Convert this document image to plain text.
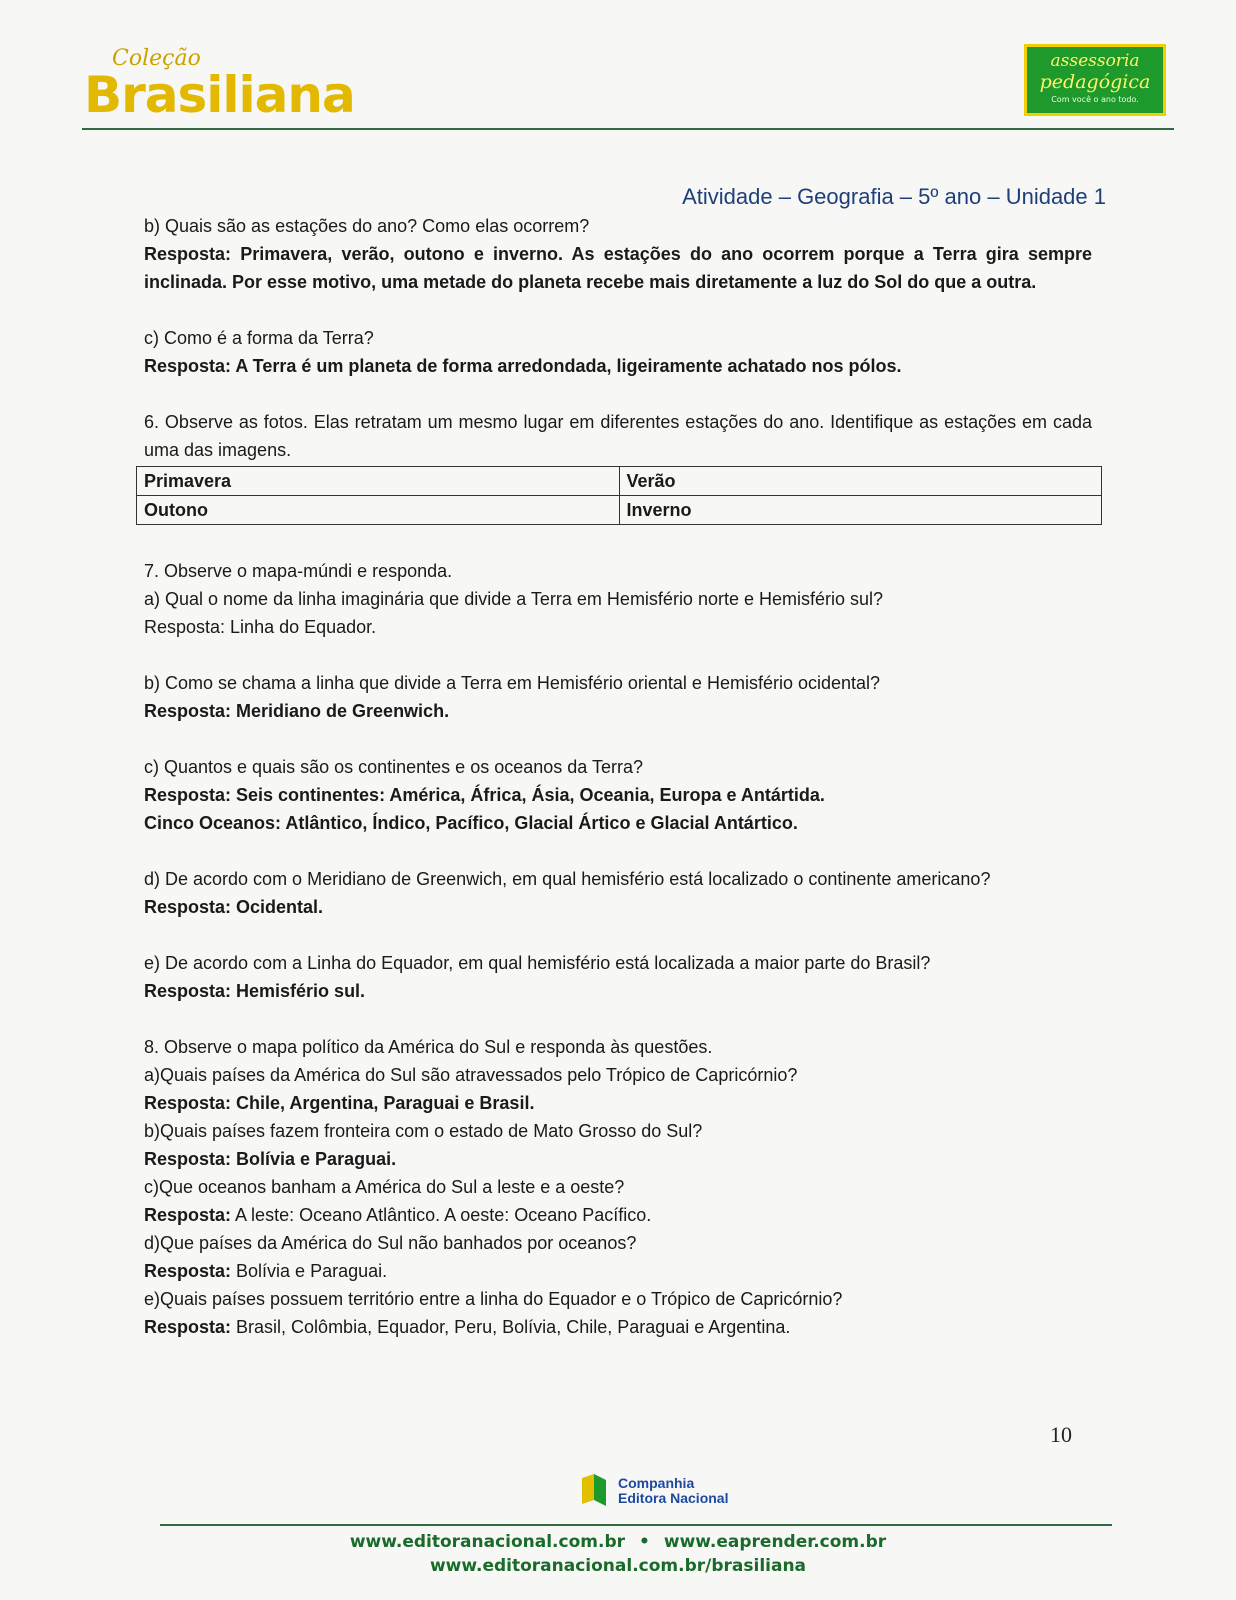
Coleção
Brasiliana
assessoria
pedagógica
Com você o ano todo.
Atividade – Geografia – 5º ano – Unidade 1

b) Quais são as estações do ano? Como elas ocorrem?

Resposta: Primavera, verão, outono e inverno. As estações do ano ocorrem porque a Terra gira sempre inclinada. Por esse motivo, uma metade do planeta recebe mais diretamente a luz do Sol do que a outra.

c) Como é a forma da Terra?

Resposta: A Terra é um planeta de forma arredondada, ligeiramente achatado nos pólos.

6. Observe as fotos. Elas retratam um mesmo lugar em diferentes estações do ano. Identifique as estações em cada uma das imagens.

Primavera	Verão
Outono	Inverno

7. Observe o mapa-múndi e responda.

a) Qual o nome da linha imaginária que divide a Terra em Hemisfério norte e Hemisfério sul?

Resposta: Linha do Equador.

b) Como se chama a linha que divide a Terra em Hemisfério oriental e Hemisfério ocidental?

Resposta: Meridiano de Greenwich.

c) Quantos e quais são os continentes e os oceanos da Terra?

Resposta: Seis continentes: América, África, Ásia, Oceania, Europa e Antártida.

Cinco Oceanos: Atlântico, Índico, Pacífico, Glacial Ártico e Glacial Antártico.

d) De acordo com o Meridiano de Greenwich, em qual hemisfério está localizado o continente americano?

Resposta: Ocidental.

e) De acordo com a Linha do Equador, em qual hemisfério está localizada a maior parte do Brasil?

Resposta: Hemisfério sul.

8. Observe o mapa político da América do Sul e responda às questões.

a)Quais países da América do Sul são atravessados pelo Trópico de Capricórnio?

Resposta: Chile, Argentina, Paraguai e Brasil.

b)Quais países fazem fronteira com o estado de Mato Grosso do Sul?

Resposta: Bolívia e Paraguai.

c)Que oceanos banham a América do Sul a leste e a oeste?

Resposta: A leste: Oceano Atlântico. A oeste: Oceano Pacífico.

d)Que países da América do Sul não banhados por oceanos?

Resposta: Bolívia e Paraguai.

e)Quais países possuem território entre a linha do Equador e o Trópico de Capricórnio?

Resposta: Brasil, Colômbia, Equador, Peru, Bolívia, Chile, Paraguai e Argentina.

10
Companhia
Editora Nacional
www.editoranacional.com.br • www.eaprender.com.br
www.editoranacional.com.br/brasiliana
